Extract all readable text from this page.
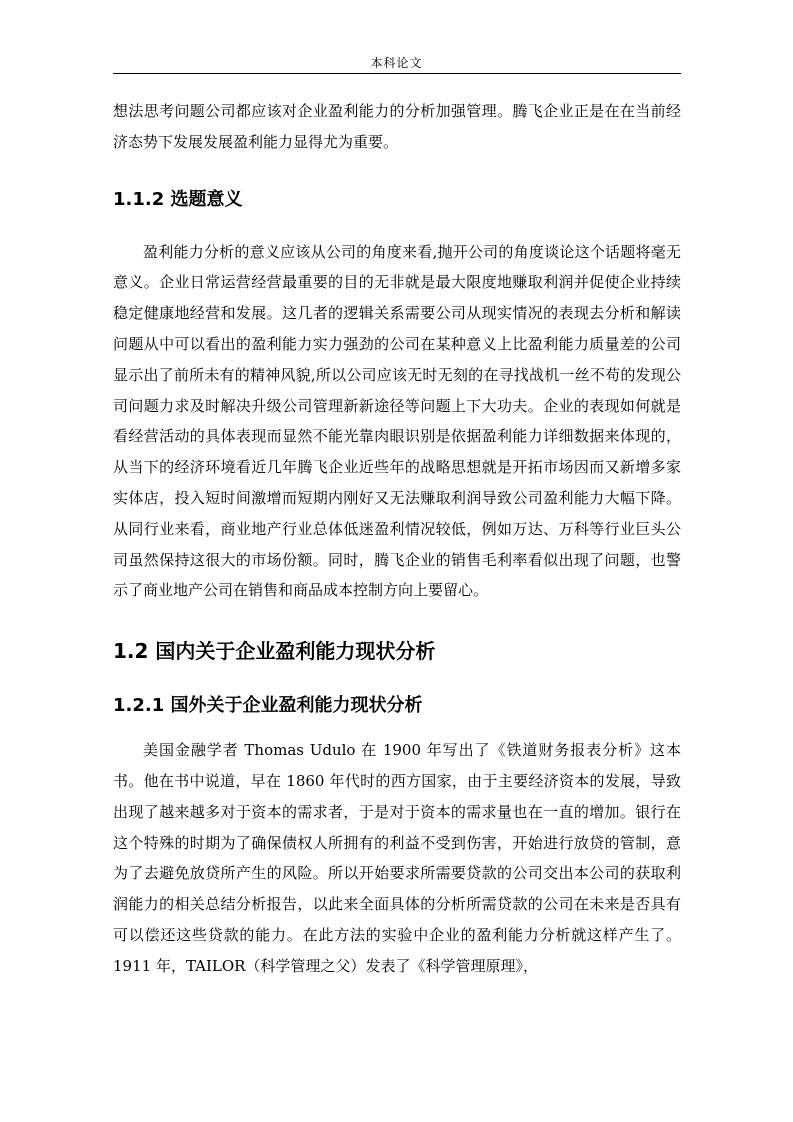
本科论文

想法思考问题公司都应该对企业盈利能力的分析加强管理。腾飞企业正是在在当前经济态势下发展发展盈利能力显得尤为重要。

1.1.2 选题意义

盈利能力分析的意义应该从公司的角度来看,抛开公司的角度谈论这个话题将毫无意义。企业日常运营经营最重要的目的无非就是最大限度地赚取利润并促使企业持续稳定健康地经营和发展。这几者的逻辑关系需要公司从现实情况的表现去分析和解读问题从中可以看出的盈利能力实力强劲的公司在某种意义上比盈利能力质量差的公司显示出了前所未有的精神风貌,所以公司应该无时无刻的在寻找战机一丝不苟的发现公司问题力求及时解决升级公司管理新新途径等问题上下大功夫。企业的表现如何就是看经营活动的具体表现而显然不能光靠肉眼识别是依据盈利能力详细数据来体现的，从当下的经济环境看近几年腾飞企业近些年的战略思想就是开拓市场因而又新增多家实体店，投入短时间激增而短期内刚好又无法赚取利润导致公司盈利能力大幅下降。从同行业来看，商业地产行业总体低迷盈利情况较低，例如万达、万科等行业巨头公司虽然保持这很大的市场份额。同时，腾飞企业的销售毛利率看似出现了问题，也警示了商业地产公司在销售和商品成本控制方向上要留心。

1.2 国内关于企业盈利能力现状分析
1.2.1 国外关于企业盈利能力现状分析

美国金融学者 Thomas Udulo 在 1900 年写出了《铁道财务报表分析》这本书。他在书中说道，早在 1860 年代时的西方国家，由于主要经济资本的发展，导致出现了越来越多对于资本的需求者，于是对于资本的需求量也在一直的增加。银行在这个特殊的时期为了确保债权人所拥有的利益不受到伤害，开始进行放贷的管制，意为了去避免放贷所产生的风险。所以开始要求所需要贷款的公司交出本公司的获取利润能力的相关总结分析报告，以此来全面具体的分析所需贷款的公司在未来是否具有可以偿还这些贷款的能力。在此方法的实验中企业的盈利能力分析就这样产生了。 1911 年，TAILOR（科学管理之父）发表了《科学管理原理》，
